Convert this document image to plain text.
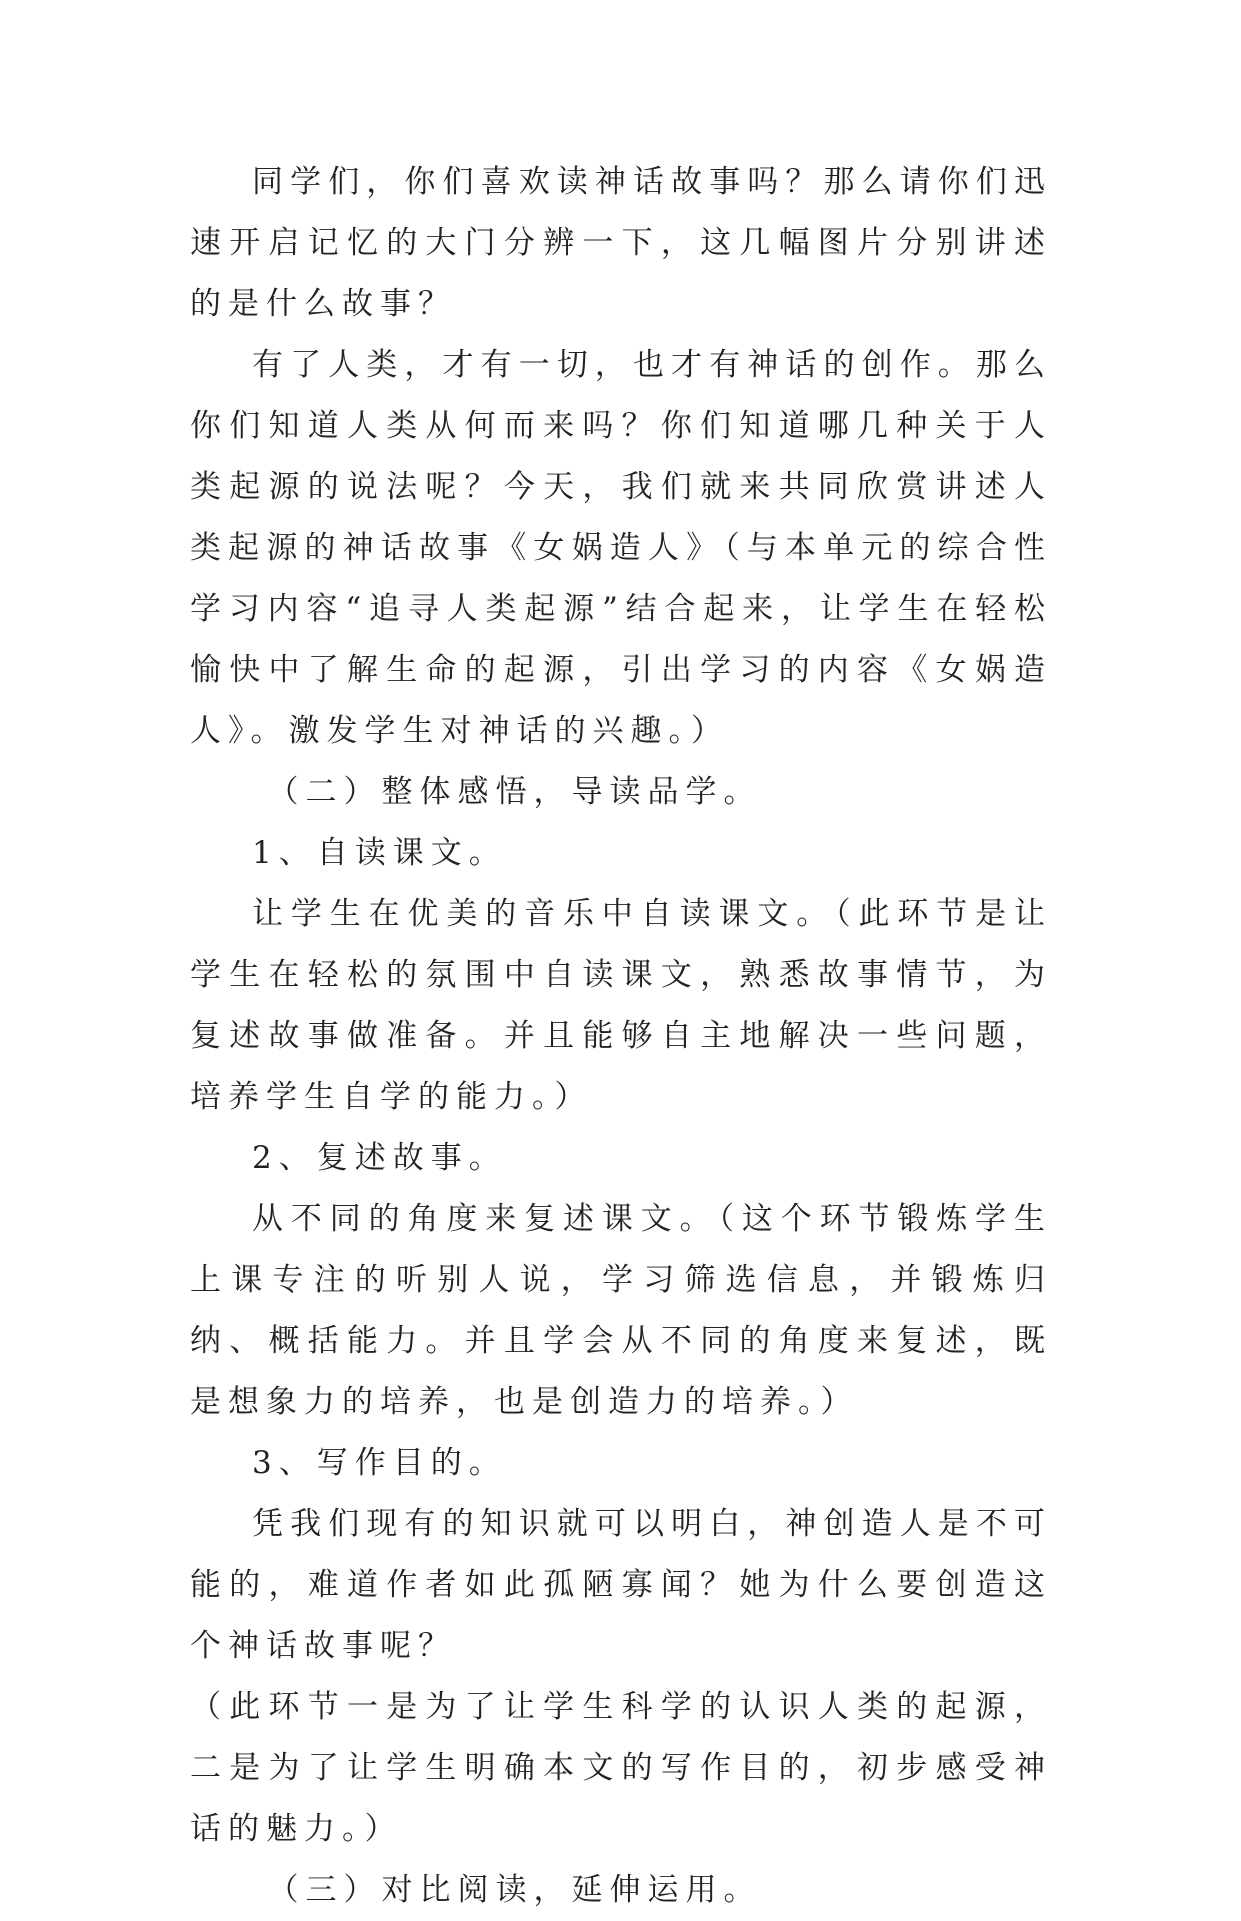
同学们，你们喜欢读神话故事吗？那么请你们迅速开启记忆的大门分辨一下，这几幅图片分别讲述的是什么故事？

有了人类，才有一切，也才有神话的创作。那么你们知道人类从何而来吗？你们知道哪几种关于人类起源的说法呢？今天，我们就来共同欣赏讲述人类起源的神话故事《女娲造人》（与本单元的综合性学习内容“追寻人类起源”结合起来，让学生在轻松愉快中了解生命的起源，引出学习的内容《女娲造人》。激发学生对神话的兴趣。）

（二）整体感悟，导读品学。

1、自读课文。

让学生在优美的音乐中自读课文。（此环节是让学生在轻松的氛围中自读课文，熟悉故事情节，为复述故事做准备。并且能够自主地解决一些问题，培养学生自学的能力。）

2、复述故事。

从不同的角度来复述课文。（这个环节锻炼学生上课专注的听别人说，学习筛选信息，并锻炼归纳、概括能力。并且学会从不同的角度来复述，既是想象力的培养，也是创造力的培养。）

3、写作目的。

凭我们现有的知识就可以明白，神创造人是不可能的，难道作者如此孤陋寡闻？她为什么要创造这个神话故事呢？

（此环节一是为了让学生科学的认识人类的起源，二是为了让学生明确本文的写作目的，初步感受神话的魅力。）

（三）对比阅读，延伸运用。
